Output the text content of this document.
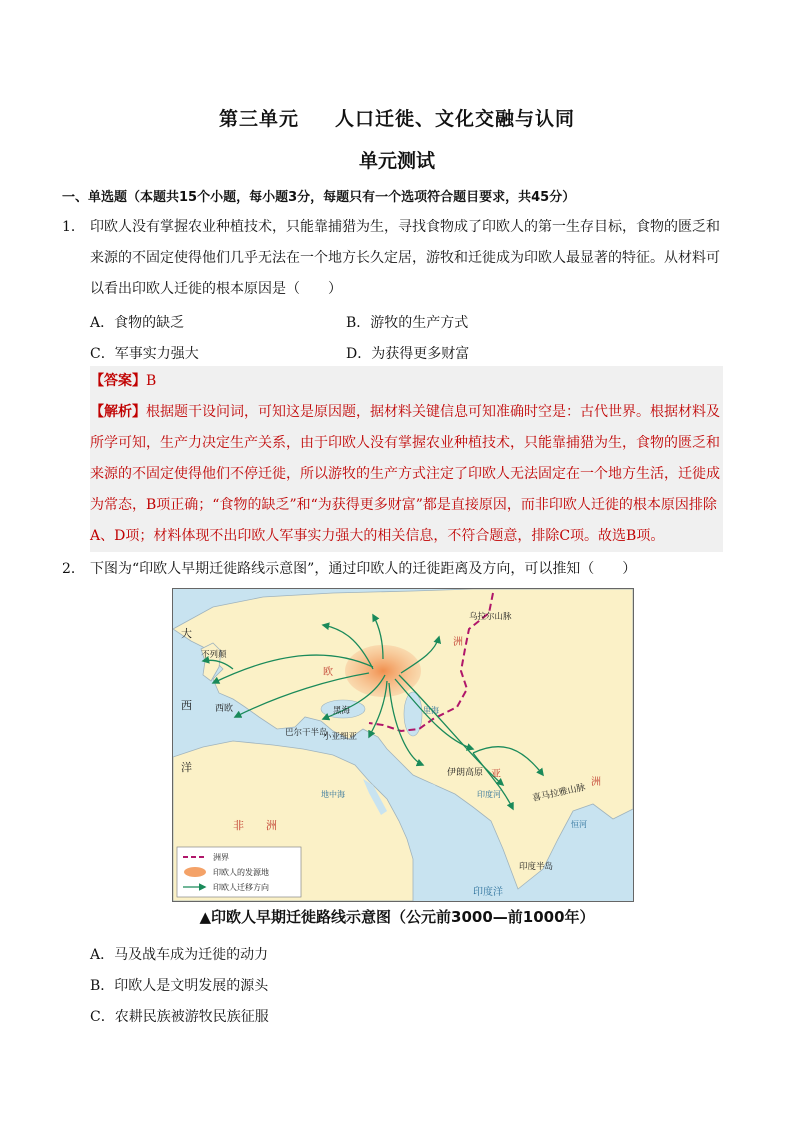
第三单元 人口迁徙、文化交融与认同
单元测试
一、单选题（本题共15个小题，每小题3分，每题只有一个选项符合题目要求，共45分）
1． 印欧人没有掌握农业种植技术，只能靠捕猎为生，寻找食物成了印欧人的第一生存目标，食物的匮乏和
来源的不固定使得他们几乎无法在一个地方长久定居，游牧和迁徙成为印欧人最显著的特征。从材料可
以看出印欧人迁徙的根本原因是（　　）
A．食物的缺乏	B．游牧的生产方式
C．军事实力强大	D．为获得更多财富
【答案】B
【解析】根据题干设问词，可知这是原因题，据材料关键信息可知准确时空是：古代世界。根据材料及
所学可知，生产力决定生产关系，由于印欧人没有掌握农业种植技术，只能靠捕猎为生，食物的匮乏和
来源的不固定使得他们不停迁徙，所以游牧的生产方式注定了印欧人无法固定在一个地方生活，迁徙成
为常态，B项正确；“食物的缺乏”和“为获得更多财富”都是直接原因，而非印欧人迁徙的根本原因排除
A、D项；材料体现不出印欧人军事实力强大的相关信息，不符合题意，排除C项。故选B项。
2． 下图为“印欧人早期迁徙路线示意图”，通过印欧人的迁徙距离及方向，可以推知（　　）
大
西
洋
西欧
巴尔干半岛
黑海
小亚细亚
伊朗高原
印度半岛
喜马拉雅山脉
印度河
恒河
地中海
里海
乌拉尔山脉
不列颠
欧
洲
亚
洲
非　　洲
印度洋
洲界
印欧人的发源地
印欧人迁移方向
▲印欧人早期迁徙路线示意图（公元前3000—前1000年）
A．马及战车成为迁徙的动力
B．印欧人是文明发展的源头
C．农耕民族被游牧民族征服
